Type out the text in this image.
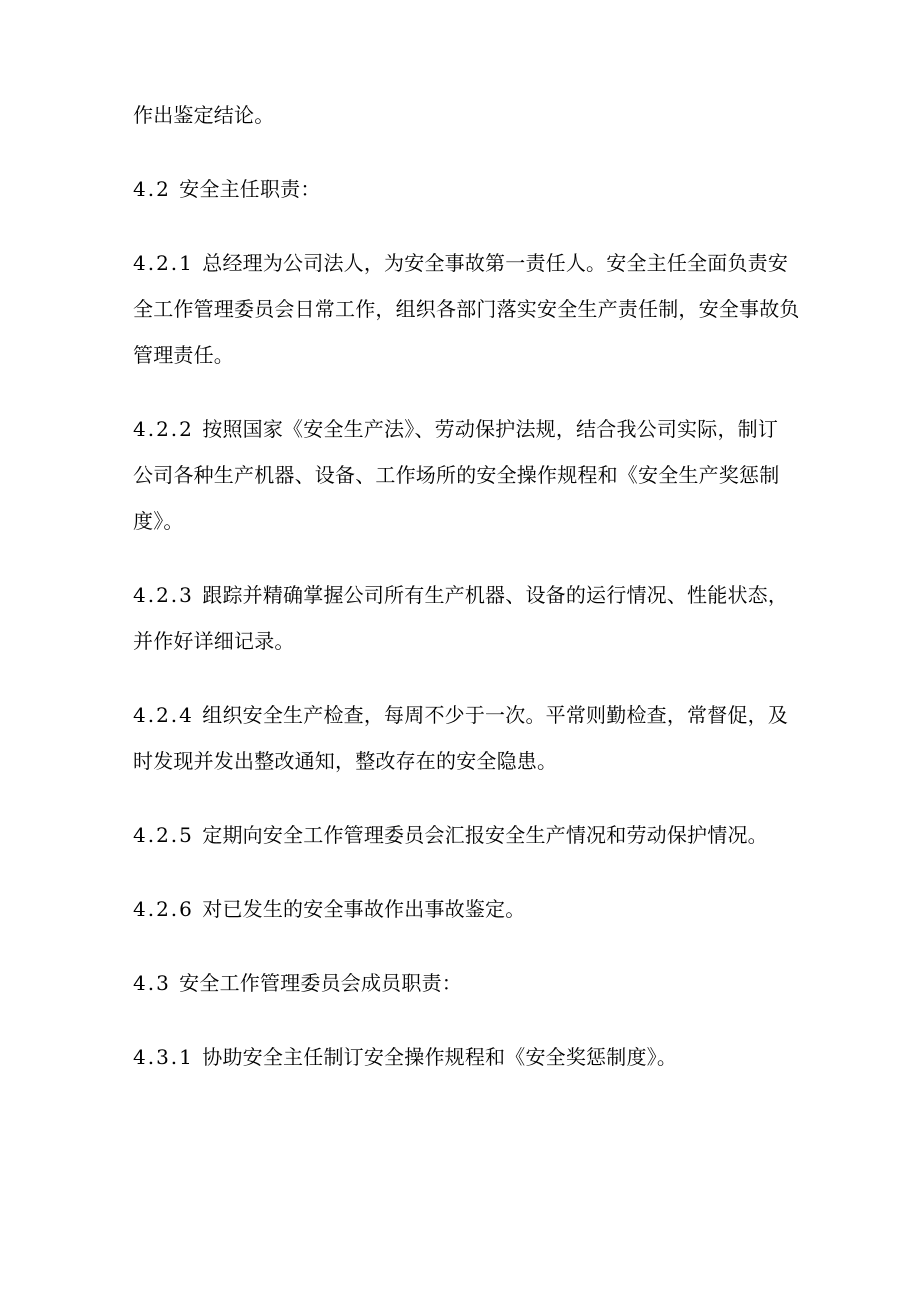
作出鉴定结论。
4.2 安全主任职责：
4.2.1 总经理为公司法人，为安全事故第一责任人。安全主任全面负责安
全工作管理委员会日常工作，组织各部门落实安全生产责任制，安全事故负
管理责任。
4.2.2 按照国家《安全生产法》、劳动保护法规，结合我公司实际，制订
公司各种生产机器、设备、工作场所的安全操作规程和《安全生产奖惩制
度》。
4.2.3 跟踪并精确掌握公司所有生产机器、设备的运行情况、性能状态，
并作好详细记录。
4.2.4 组织安全生产检查，每周不少于一次。平常则勤检查，常督促，及
时发现并发出整改通知，整改存在的安全隐患。
4.2.5 定期向安全工作管理委员会汇报安全生产情况和劳动保护情况。
4.2.6 对已发生的安全事故作出事故鉴定。
4.3 安全工作管理委员会成员职责：
4.3.1 协助安全主任制订安全操作规程和《安全奖惩制度》。
